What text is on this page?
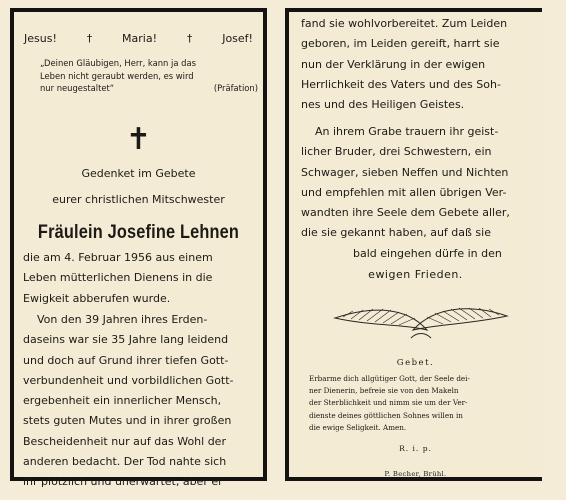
Jesus!	†	Maria!	†	Josef!
„Deinen Gläubigen, Herr, kann ja das
Leben nicht geraubt werden, es wird
nur neugestaltet“	(Präfation)
✝
Gedenket im Gebete
eurer christlichen Mitschwester
Fräulein Josefine Lehnen
die am 4. Februar 1956 aus einem
Leben mütterlichen Dienens in die
Ewigkeit abberufen wurde.
Von den 39 Jahren ihres Erden-
daseins war sie 35 Jahre lang leidend
und doch auf Grund ihrer tiefen Gott-
verbundenheit und vorbildlichen Gott-
ergebenheit ein innerlicher Mensch,
stets guten Mutes und in ihrer großen
Bescheidenheit nur auf das Wohl der
anderen bedacht. Der Tod nahte sich
ihr plötzlich und unerwartet, aber er
fand sie wohlvorbereitet. Zum Leiden
geboren, im Leiden gereift, harrt sie
nun der Verklärung in der ewigen
Herrlichkeit des Vaters und des Soh-
nes und des Heiligen Geistes.
An ihrem Grabe trauern ihr geist-
licher Bruder, drei Schwestern, ein
Schwager, sieben Neffen und Nichten
und empfehlen mit allen übrigen Ver-
wandten ihre Seele dem Gebete aller,
die sie gekannt haben, auf daß sie
bald eingehen dürfe in den
ewigen Frieden.
Gebet.
Erbarme dich allgütiger Gott, der Seele dei-
ner Dienerin, befreie sie von den Makeln
der Sterblichkeit und nimm sie um der Ver-
dienste deines göttlichen Sohnes willen in
die ewige Seligkeit. Amen.
R. i. p.
P. Becher, Brühl.
